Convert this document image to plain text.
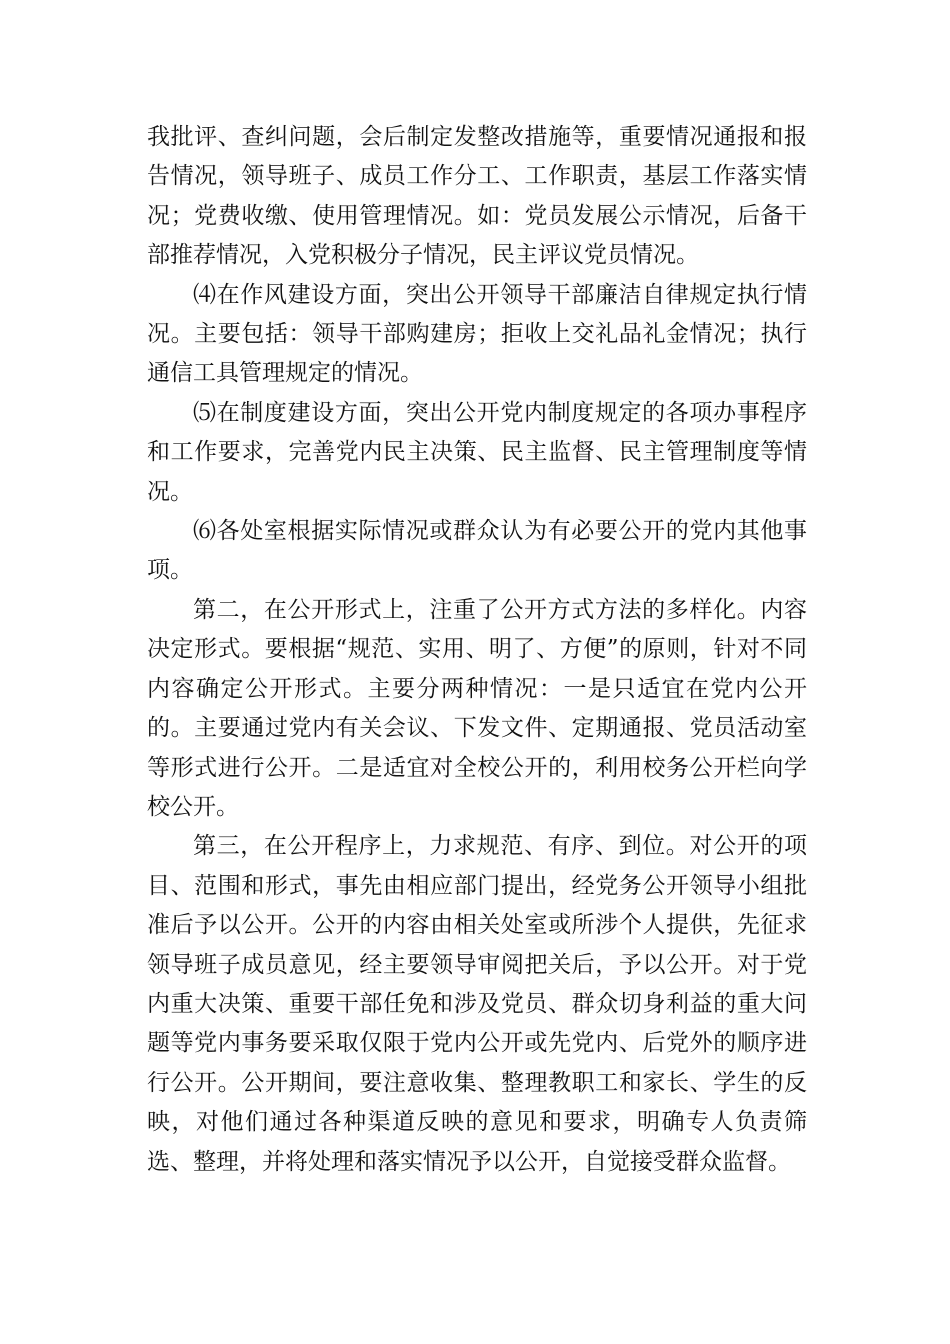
我批评、查纠问题，会后制定发整改措施等，重要情况通报和报告情况，领导班子、成员工作分工、工作职责，基层工作落实情况；党费收缴、使用管理情况。如：党员发展公示情况，后备干部推荐情况，入党积极分子情况，民主评议党员情况。

⑷在作风建设方面，突出公开领导干部廉洁自律规定执行情况。主要包括：领导干部购建房；拒收上交礼品礼金情况；执行通信工具管理规定的情况。

⑸在制度建设方面，突出公开党内制度规定的各项办事程序和工作要求，完善党内民主决策、民主监督、民主管理制度等情况。

⑹各处室根据实际情况或群众认为有必要公开的党内其他事项。

第二，在公开形式上，注重了公开方式方法的多样化。内容决定形式。要根据“规范、实用、明了、方便”的原则，针对不同内容确定公开形式。主要分两种情况：一是只适宜在党内公开的。主要通过党内有关会议、下发文件、定期通报、党员活动室等形式进行公开。二是适宜对全校公开的，利用校务公开栏向学校公开。

第三，在公开程序上，力求规范、有序、到位。对公开的项目、范围和形式，事先由相应部门提出，经党务公开领导小组批准后予以公开。公开的内容由相关处室或所涉个人提供，先征求领导班子成员意见，经主要领导审阅把关后，予以公开。对于党内重大决策、重要干部任免和涉及党员、群众切身利益的重大问题等党内事务要采取仅限于党内公开或先党内、后党外的顺序进行公开。公开期间，要注意收集、整理教职工和家长、学生的反映，对他们通过各种渠道反映的意见和要求，明确专人负责筛选、整理，并将处理和落实情况予以公开，自觉接受群众监督。
